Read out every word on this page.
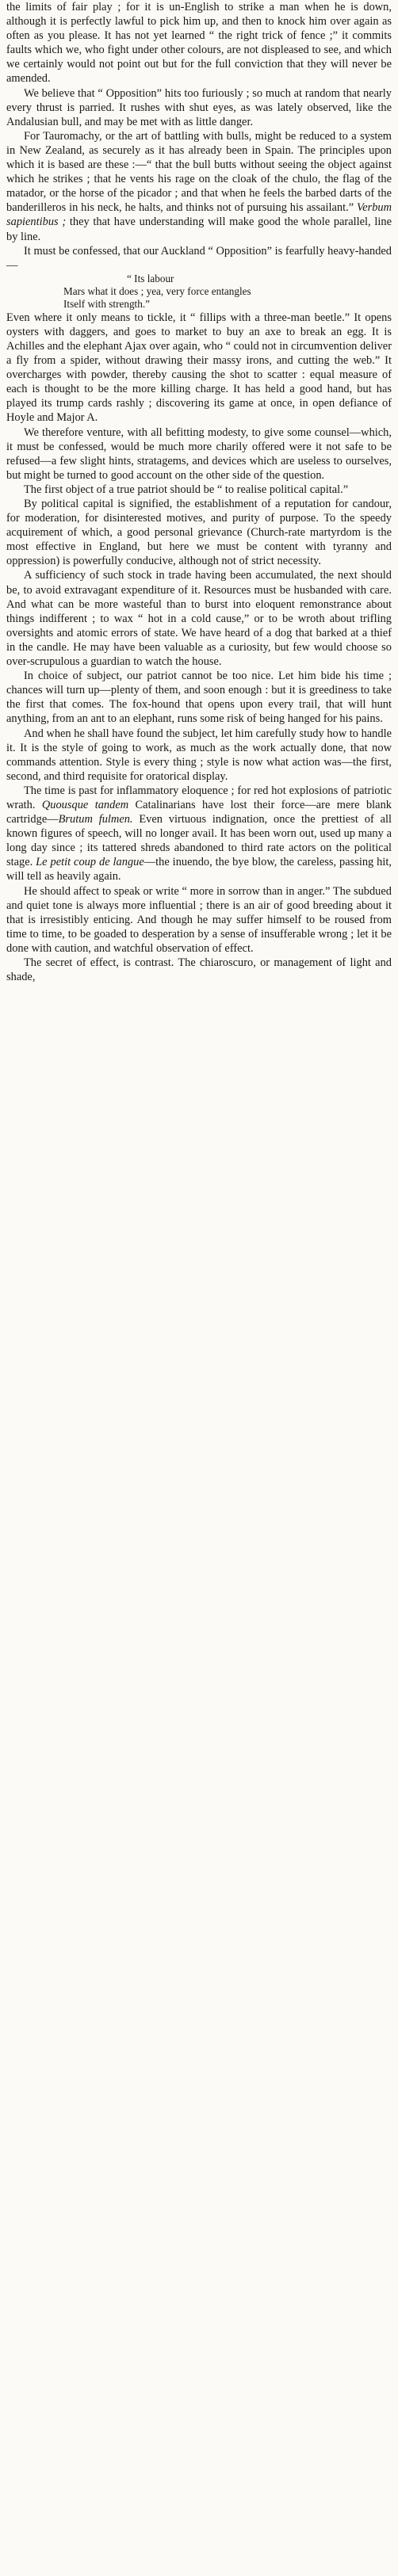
the limits of fair play ; for it is un-English to strike a man when he is down, although it is perfectly lawful to pick him up, and then to knock him over again as often as you please. It has not yet learned “ the right trick of fence ;” it commits faults which we, who fight under other colours, are not displeased to see, and which we certainly would not point out but for the full conviction that they will never be amended.

We believe that “ Opposition” hits too furiously ; so much at random that nearly every thrust is parried. It rushes with shut eyes, as was lately observed, like the Andalusian bull, and may be met with as little danger.

For Tauromachy, or the art of battling with bulls, might be reduced to a system in New Zealand, as securely as it has already been in Spain. The principles upon which it is based are these :—“ that the bull butts without seeing the object against which he strikes ; that he vents his rage on the cloak of the chulo, the flag of the matador, or the horse of the picador ; and that when he feels the barbed darts of the banderilleros in his neck, he halts, and thinks not of pursuing his assailant.” Verbum sapientibus ; they that have understanding will make good the whole parallel, line by line.

It must be confessed, that our Auckland “ Opposition” is fearfully heavy-handed—

“ Its labour
Mars what it does ; yea, very force entangles
Itself with strength.”

Even where it only means to tickle, it “ fillips with a three-man beetle.” It opens oysters with daggers, and goes to market to buy an axe to break an egg. It is Achilles and the elephant Ajax over again, who “ could not in circumvention deliver a fly from a spider, without drawing their massy irons, and cutting the web.” It overcharges with powder, thereby causing the shot to scatter : equal measure of each is thought to be the more killing charge. It has held a good hand, but has played its trump cards rashly ; discovering its game at once, in open defiance of Hoyle and Major A.

We therefore venture, with all befitting modesty, to give some counsel—which, it must be confessed, would be much more charily offered were it not safe to be refused—a few slight hints, stratagems, and devices which are useless to ourselves, but might be turned to good account on the other side of the question.

The first object of a true patriot should be “ to realise political capital.”

By political capital is signified, the establishment of a reputation for candour, for moderation, for disinterested motives, and purity of purpose. To the speedy acquirement of which, a good personal grievance (Church-rate martyrdom is the most effective in England, but here we must be content with tyranny and oppression) is powerfully conducive, although not of strict necessity.

A sufficiency of such stock in trade having been accumulated, the next should be, to avoid extravagant expenditure of it. Resources must be husbanded with care. And what can be more wasteful than to burst into eloquent remonstrance about things indifferent ; to wax “ hot in a cold cause,” or to be wroth about trifling oversights and atomic errors of state. We have heard of a dog that barked at a thief in the candle. He may have been valuable as a curiosity, but few would choose so over-scrupulous a guardian to watch the house.

In choice of subject, our patriot cannot be too nice. Let him bide his time ; chances will turn up—plenty of them, and soon enough : but it is greediness to take the first that comes. The fox-hound that opens upon every trail, that will hunt anything, from an ant to an elephant, runs some risk of being hanged for his pains.

And when he shall have found the subject, let him carefully study how to handle it. It is the style of going to work, as much as the work actually done, that now commands attention. Style is every thing ; style is now what action was—the first, second, and third requisite for oratorical display.

The time is past for inflammatory eloquence ; for red hot explosions of patriotic wrath. Quousque tandem Catalinarians have lost their force—are mere blank cartridge—Brutum fulmen. Even virtuous indignation, once the prettiest of all known figures of speech, will no longer avail. It has been worn out, used up many a long day since ; its tattered shreds abandoned to third rate actors on the political stage. Le petit coup de langue—the inuendo, the bye blow, the careless, passing hit, will tell as heavily again.

He should affect to speak or write “ more in sorrow than in anger.” The subdued and quiet tone is always more influential ; there is an air of good breeding about it that is irresistibly enticing. And though he may suffer himself to be roused from time to time, to be goaded to desperation by a sense of insufferable wrong ; let it be done with caution, and watchful observation of effect.

The secret of effect, is contrast. The chiaroscuro, or management of light and shade,
